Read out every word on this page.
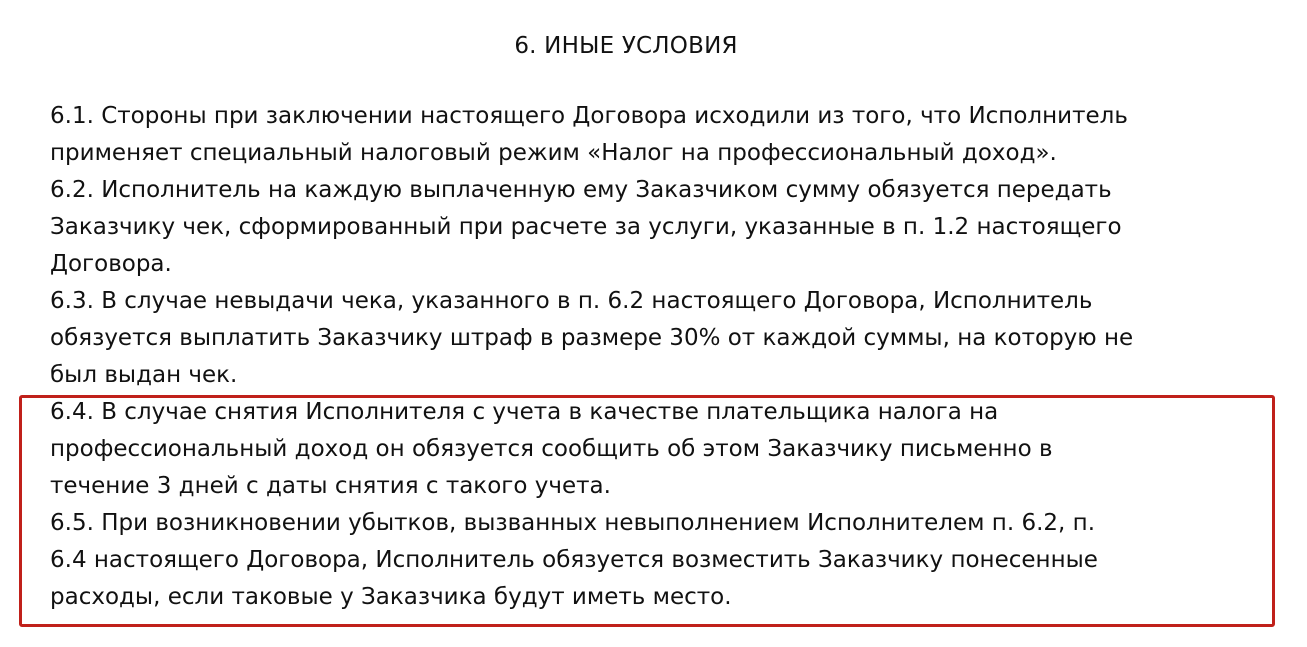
6. ИНЫЕ УСЛОВИЯ
6.1. Стороны при заключении настоящего Договора исходили из того, что Исполнитель
применяет специальный налоговый режим «Налог на профессиональный доход».
6.2. Исполнитель на каждую выплаченную ему Заказчиком сумму обязуется передать
Заказчику чек, сформированный при расчете за услуги, указанные в п. 1.2 настоящего
Договора.
6.3. В случае невыдачи чека, указанного в п. 6.2 настоящего Договора, Исполнитель
обязуется выплатить Заказчику штраф в размере 30% от каждой суммы, на которую не
был выдан чек.
6.4. В случае снятия Исполнителя с учета в качестве плательщика налога на
профессиональный доход он обязуется сообщить об этом Заказчику письменно в
течение 3 дней с даты снятия с такого учета.
6.5. При возникновении убытков, вызванных невыполнением Исполнителем п. 6.2, п.
6.4 настоящего Договора, Исполнитель обязуется возместить Заказчику понесенные
расходы, если таковые у Заказчика будут иметь место.
